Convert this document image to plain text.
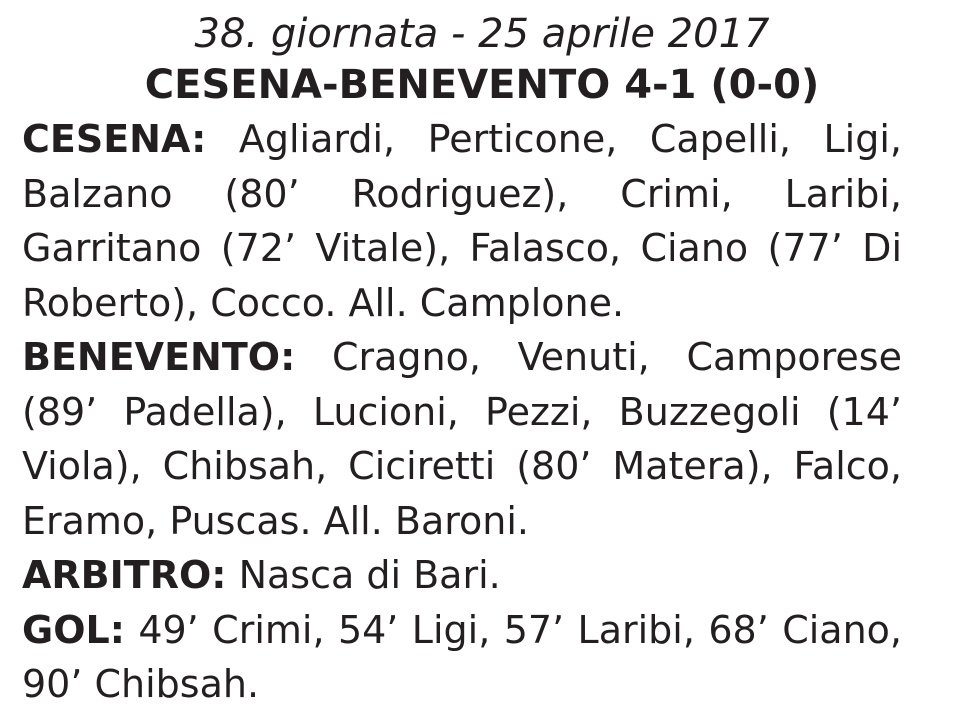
38. giornata - 25 aprile 2017

CESENA-BENEVENTO 4-1 (0-0)

CESENA: Agliardi, Perticone, Capelli, Ligi, Balzano (80’ Rodriguez), Crimi, Laribi, Garritano (72’ Vitale), Falasco, Ciano (77’ Di Roberto), Cocco. All. Camplone.

BENEVENTO: Cragno, Venuti, Camporese (89’ Padella), Lucioni, Pezzi, Buzzegoli (14’ Viola), Chibsah, Ciciretti (80’ Matera), Falco, Eramo, Puscas. All. Baroni.

ARBITRO: Nasca di Bari.

GOL: 49’ Crimi, 54’ Ligi, 57’ Laribi, 68’ Ciano, 90’ Chibsah.
